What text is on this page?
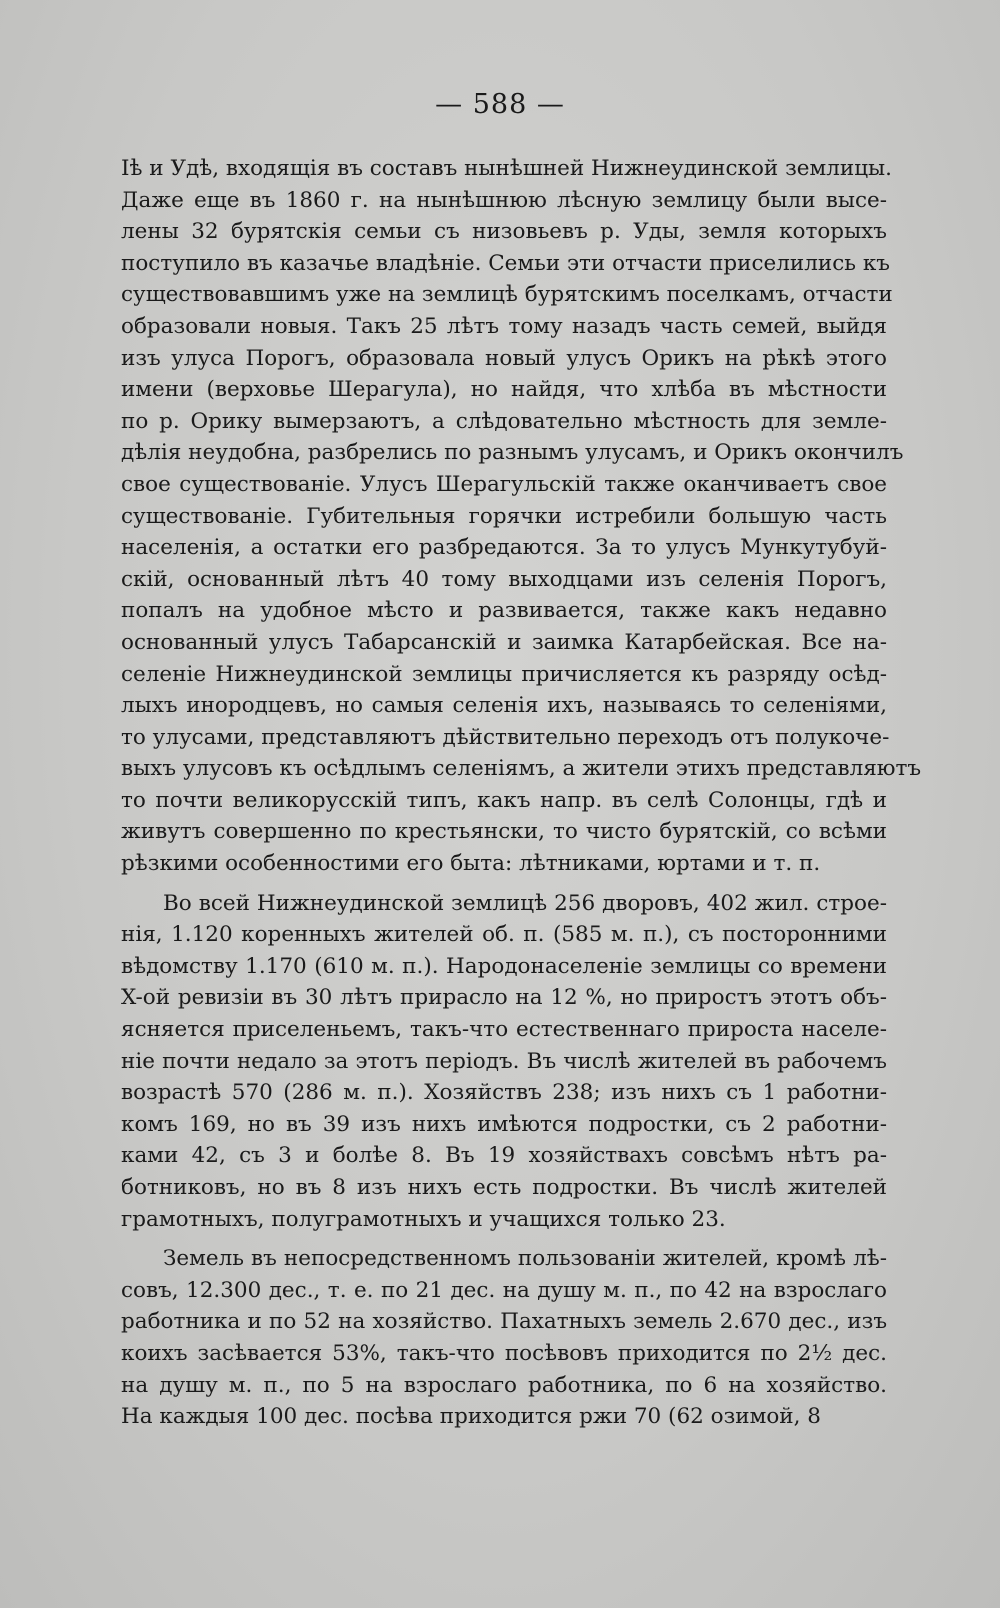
— 588 —
Iѣ и Удѣ, входящія въ составъ нынѣшней Нижнеудинской землицы.
Даже еще въ 1860 г. на нынѣшнюю лѣсную землицу были высе-
лены 32 бурятскія семьи съ низовьевъ р. Уды, земля которыхъ
поступило въ казачье владѣніе. Семьи эти отчасти приселились къ
существовавшимъ уже на землицѣ бурятскимъ поселкамъ, отчасти
образовали новыя. Такъ 25 лѣтъ тому назадъ часть семей, выйдя
изъ улуса Порогъ, образовала новый улусъ Орикъ на рѣкѣ этого
имени (верховье Шерагула), но найдя, что хлѣба въ мѣстности
по р. Орику вымерзаютъ, а слѣдовательно мѣстность для земле-
дѣлія неудобна, разбрелись по разнымъ улусамъ, и Орикъ окончилъ
свое существованіе. Улусъ Шерагульскій также оканчиваетъ свое
существованіе. Губительныя горячки истребили большую часть
населенія, а остатки его разбредаются. За то улусъ Мункутубуй-
скій, основанный лѣтъ 40 тому выходцами изъ селенія Порогъ,
попалъ на удобное мѣсто и развивается, также какъ недавно
основанный улусъ Табарсанскій и заимка Катарбейская. Все на-
селеніе Нижнеудинской землицы причисляется къ разряду осѣд-
лыхъ инородцевъ, но самыя селенія ихъ, называясь то селеніями,
то улусами, представляютъ дѣйствительно переходъ отъ полукоче-
выхъ улусовъ къ осѣдлымъ селеніямъ, а жители этихъ представляютъ
то почти великорусскій типъ, какъ напр. въ селѣ Солонцы, гдѣ и
живутъ совершенно по крестьянски, то чисто бурятскій, со всѣми
рѣзкими особенностими его быта: лѣтниками, юртами и т. п.
Во всей Нижнеудинской землицѣ 256 дворовъ, 402 жил. строе-
нія, 1.120 коренныхъ жителей об. п. (585 м. п.), съ посторонними
вѣдомству 1.170 (610 м. п.). Народонаселеніе землицы со времени
X-ой ревизіи въ 30 лѣтъ прирасло на 12 %, но приростъ этотъ объ-
ясняется приселеньемъ, такъ-что естественнаго прироста населе-
ніе почти недало за этотъ періодъ. Въ числѣ жителей въ рабочемъ
возрастѣ 570 (286 м. п.). Хозяйствъ 238; изъ нихъ съ 1 работни-
комъ 169, но въ 39 изъ нихъ имѣются подростки, съ 2 работни-
ками 42, съ 3 и болѣе 8. Въ 19 хозяйствахъ совсѣмъ нѣтъ ра-
ботниковъ, но въ 8 изъ нихъ есть подростки. Въ числѣ жителей
грамотныхъ, полуграмотныхъ и учащихся только 23.
Земель въ непосредственномъ пользованіи жителей, кромѣ лѣ-
совъ, 12.300 дес., т. е. по 21 дес. на душу м. п., по 42 на взрослаго
работника и по 52 на хозяйство. Пахатныхъ земель 2.670 дес., изъ
коихъ засѣвается 53%, такъ-что посѣвовъ приходится по 2½ дес.
на душу м. п., по 5 на взрослаго работника, по 6 на хозяйство.
На каждыя 100 дес. посѣва приходится ржи 70 (62 озимой, 8
